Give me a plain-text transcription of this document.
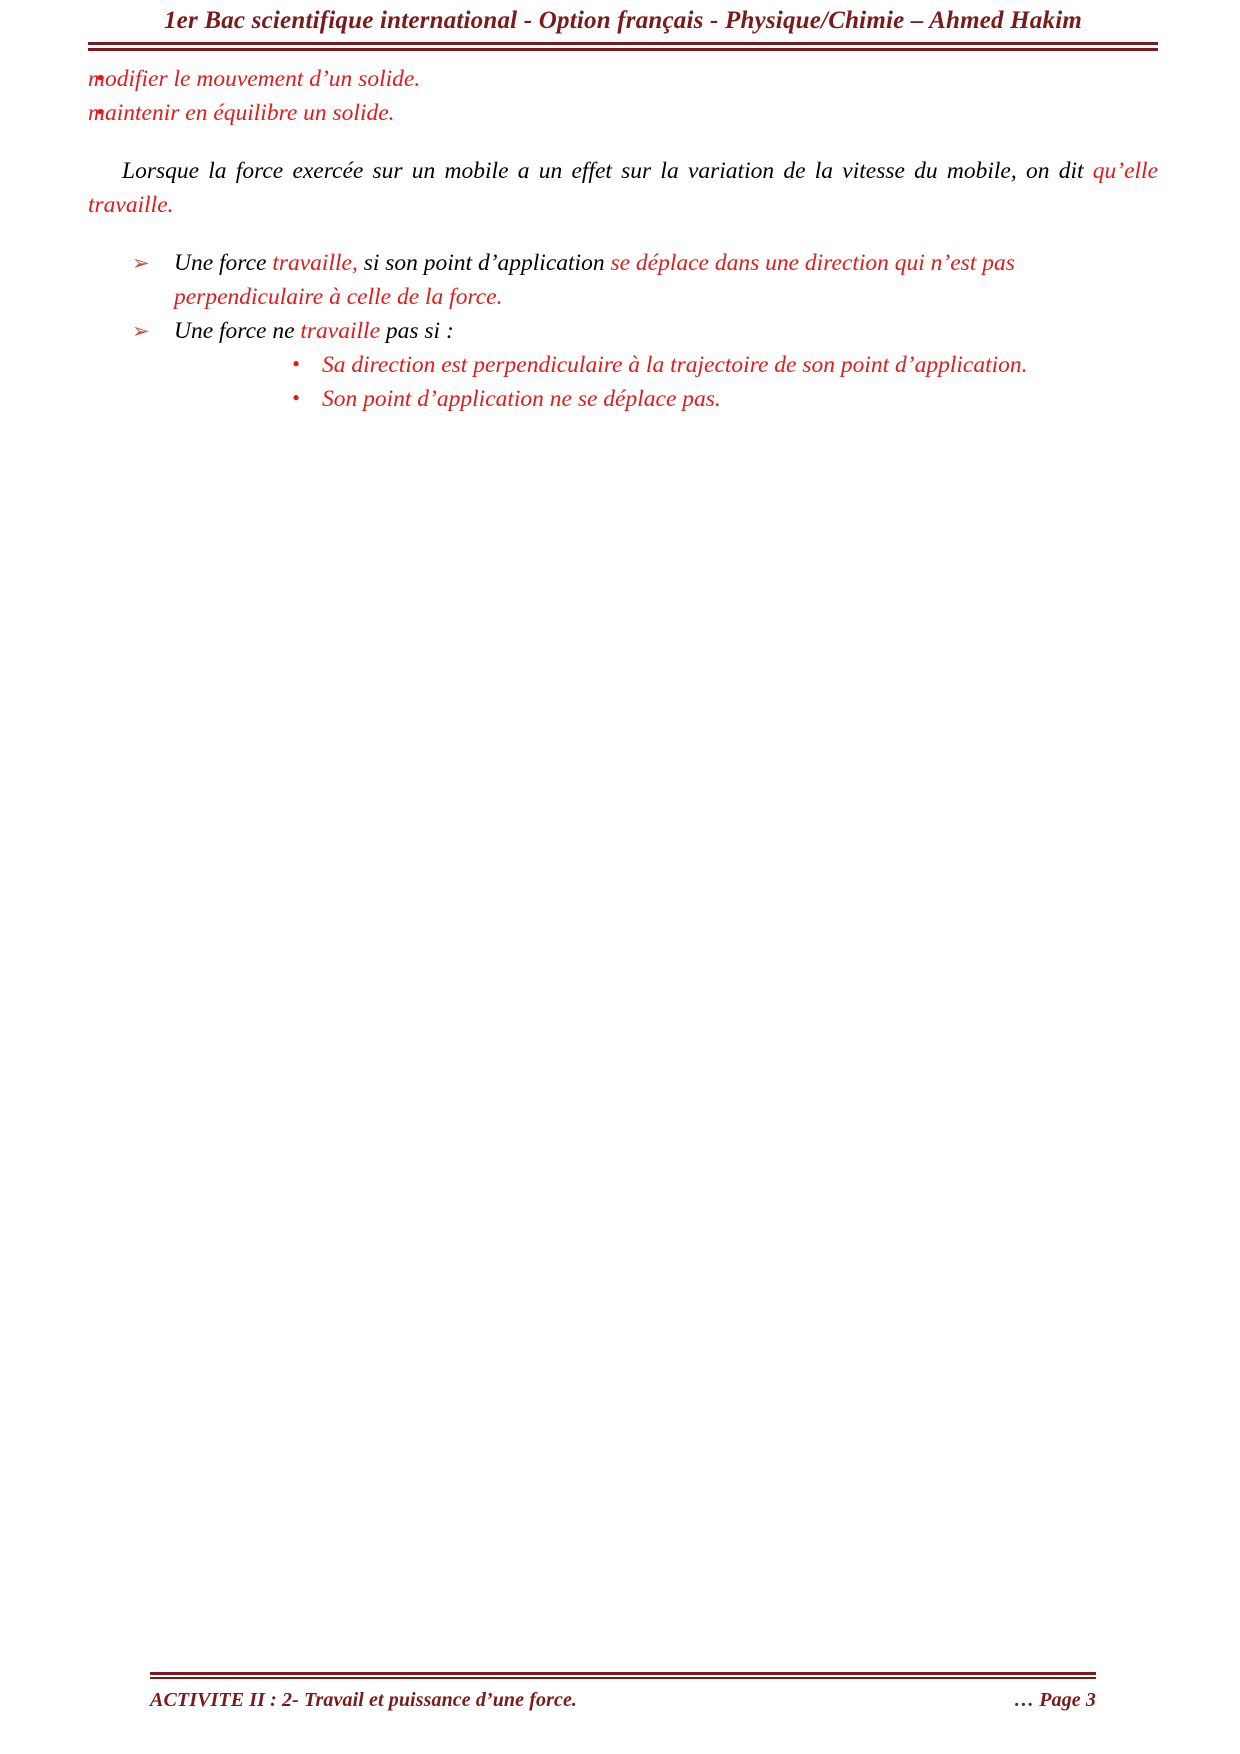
1er Bac scientifique international - Option français - Physique/Chimie – Ahmed Hakim
• modifier le mouvement d’un solide.
• maintenir en équilibre un solide.

Lorsque la force exercée sur un mobile a un effet sur la variation de la vitesse du mobile, on dit qu’elle travaille.

➢ Une force travaille, si son point d’application se déplace dans une direction qui n’est pas perpendiculaire à celle de la force.
➢ Une force ne travaille pas si :
• Sa direction est perpendiculaire à la trajectoire de son point d’application.
• Son point d’application ne se déplace pas.
ACTIVITE II : 2- Travail et puissance d’une force.	… Page 3
